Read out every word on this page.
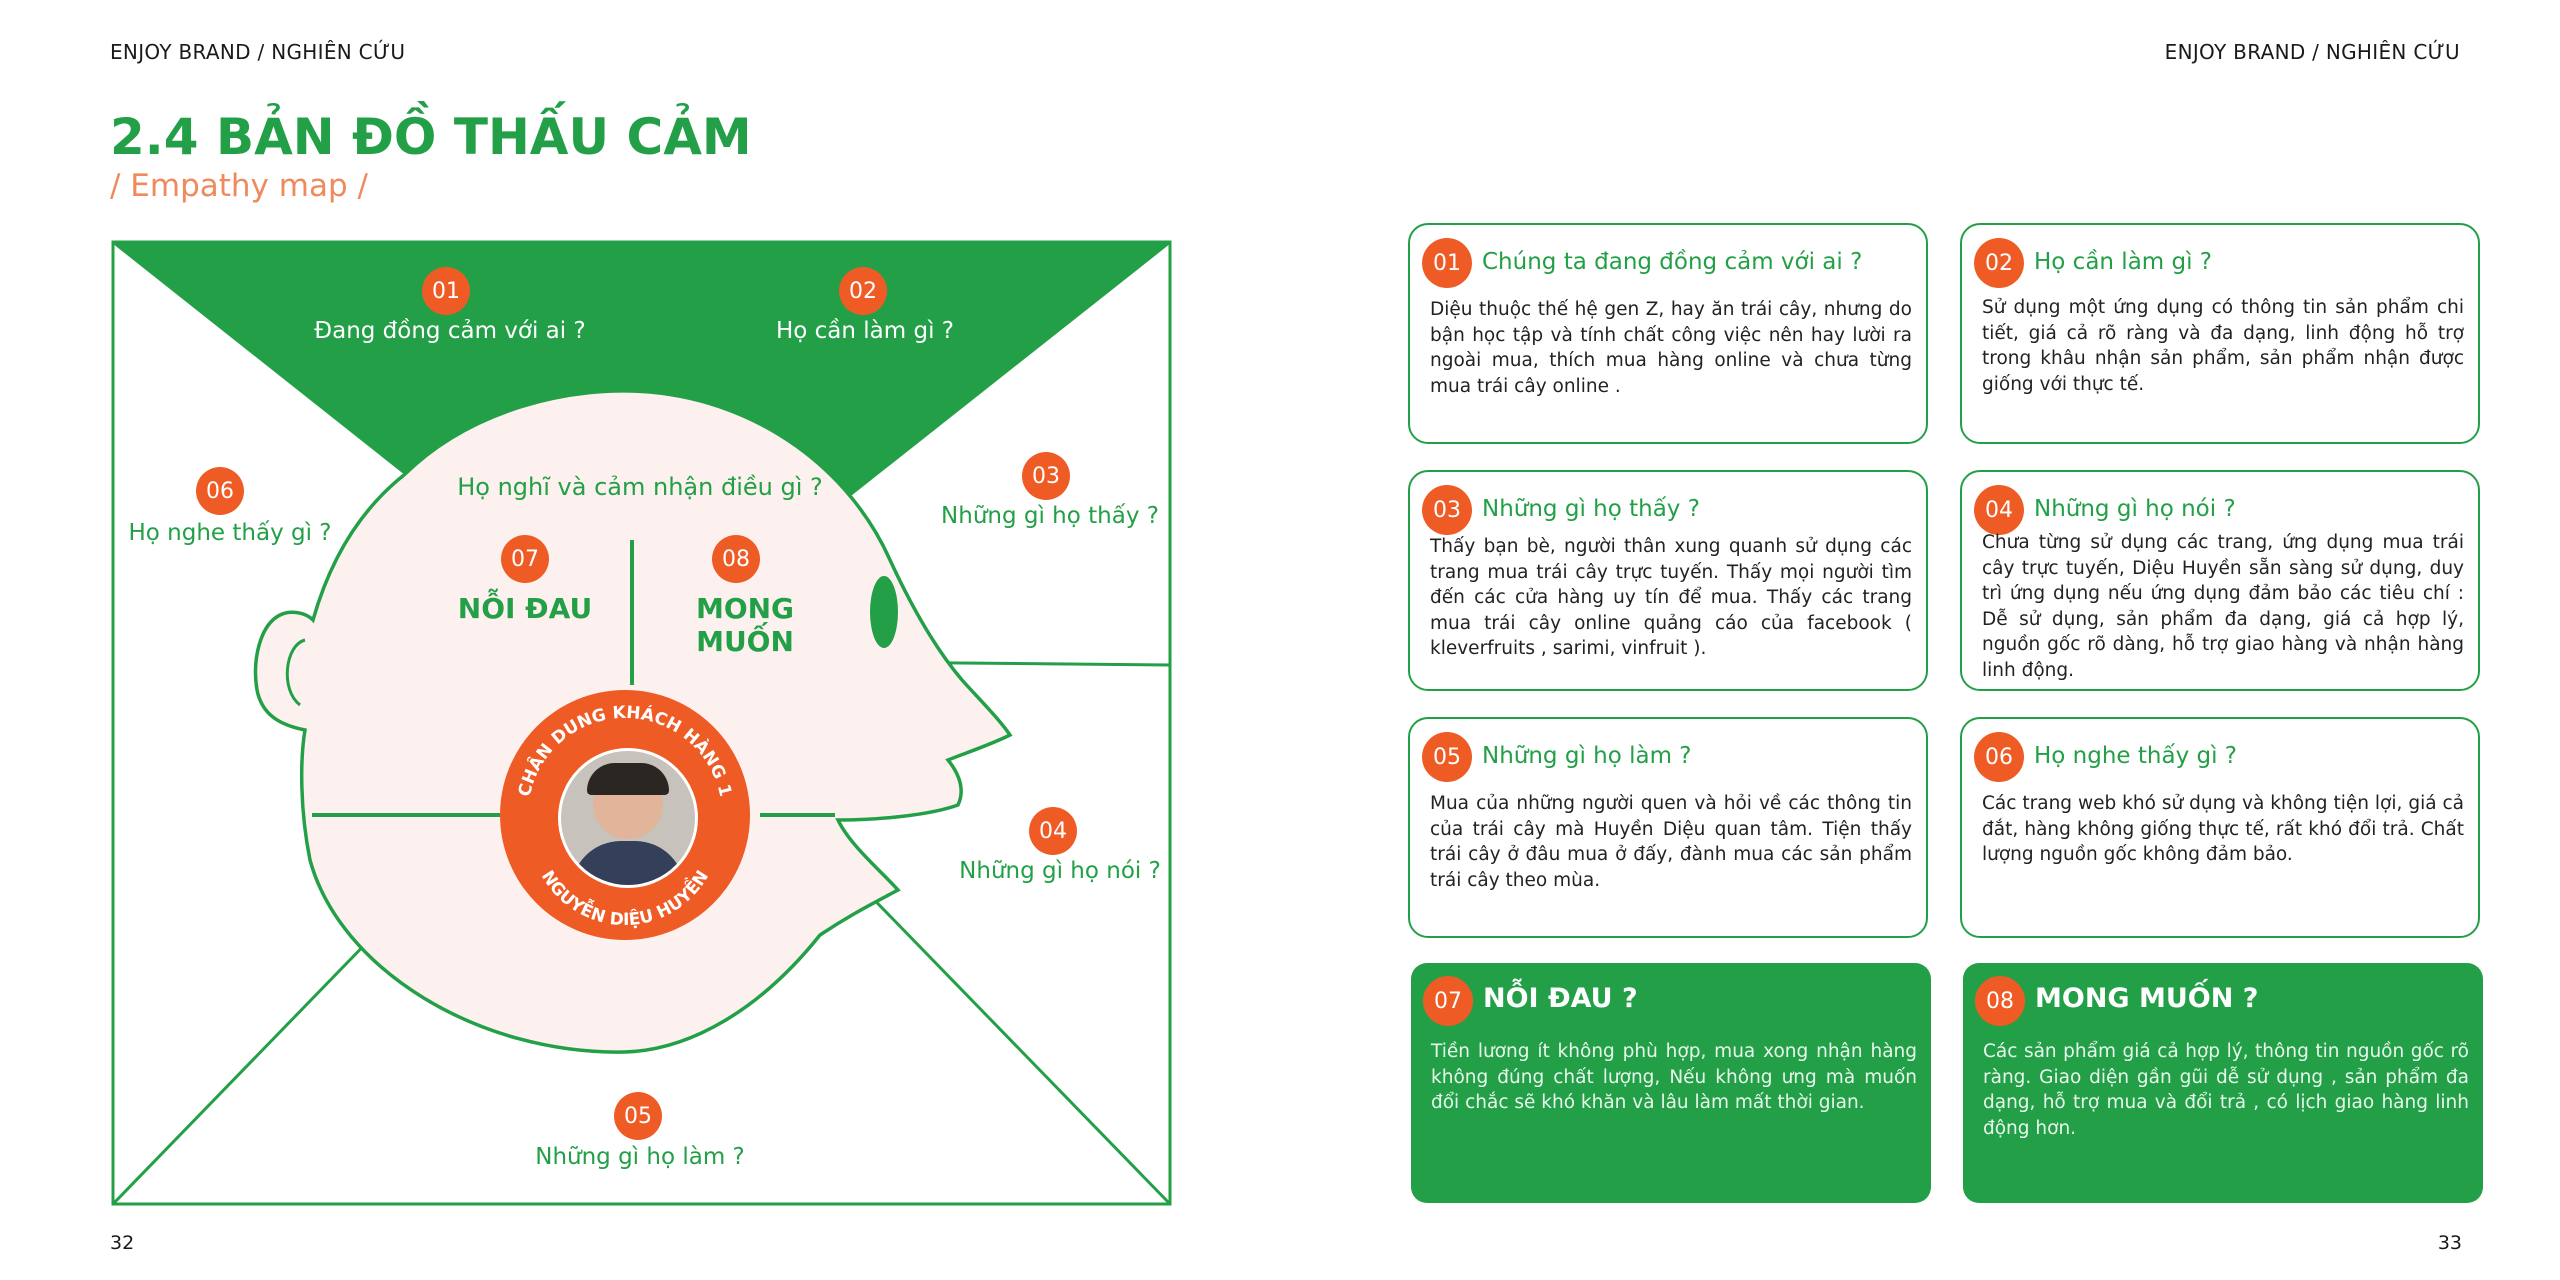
ENJOY BRAND / NGHIÊN CỨU	ENJOY BRAND / NGHIÊN CỨU
32	33
2.4 BẢN ĐỒ THẤU CẢM
/ Empathy map /
CHÂN DUNG KHÁCH HÀNG 1
NGUYỄN DIỆU HUYỀN
01
Đang đồng cảm với ai ?
02
Họ cần làm gì ?
06
Họ nghe thấy gì ?
03
Những gì họ thấy ?
Họ nghĩ và cảm nhận điều gì ?
07
NỖI ĐAU
08
MONG MUỐN
04
Những gì họ nói ?
05
Những gì họ làm ?
01 Chúng ta đang đồng cảm với ai ?
Diệu thuộc thế hệ gen Z, hay ăn trái cây, nhưng do bận học tập và tính chất công việc nên hay lười ra ngoài mua, thích mua hàng online và chưa từng mua trái cây online .
02 Họ cần làm gì ?
Sử dụng một ứng dụng có thông tin sản phẩm chi tiết, giá cả rõ ràng và đa dạng, linh động hỗ trợ trong khâu nhận sản phẩm, sản phẩm nhận được giống với thực tế.
03 Những gì họ thấy ?
Thấy bạn bè, người thân xung quanh sử dụng các trang mua trái cây trực tuyến. Thấy mọi người tìm đến các cửa hàng uy tín để mua. Thấy các trang mua trái cây online quảng cáo của facebook ( kleverfruits , sarimi, vinfruit ).
04 Những gì họ nói ?
Chưa từng sử dụng các trang, ứng dụng mua trái cây trực tuyến, Diệu Huyền sẵn sàng sử dụng, duy trì ứng dụng nếu ứng dụng đảm bảo các tiêu chí : Dễ sử dụng, sản phẩm đa dạng, giá cả hợp lý, nguồn gốc rõ dàng, hỗ trợ giao hàng và nhận hàng linh động.
05 Những gì họ làm ?
Mua của những người quen và hỏi về các thông tin của trái cây mà Huyền Diệu quan tâm. Tiện thấy trái cây ở đâu mua ở đấy, đành mua các sản phẩm trái cây theo mùa.
06 Họ nghe thấy gì ?
Các trang web khó sử dụng và không tiện lợi, giá cả đắt, hàng không giống thực tế, rất khó đổi trả. Chất lượng nguồn gốc không đảm bảo.
07 NỖI ĐAU ?
Tiền lương ít không phù hợp, mua xong nhận hàng không đúng chất lượng, Nếu không ưng mà muốn đổi chắc sẽ khó khăn và lâu làm mất thời gian.
08 MONG MUỐN ?
Các sản phẩm giá cả hợp lý, thông tin nguồn gốc rõ ràng. Giao diện gần gũi dễ sử dụng , sản phẩm đa dạng, hỗ trợ mua và đổi trả , có lịch giao hàng linh động hơn.
